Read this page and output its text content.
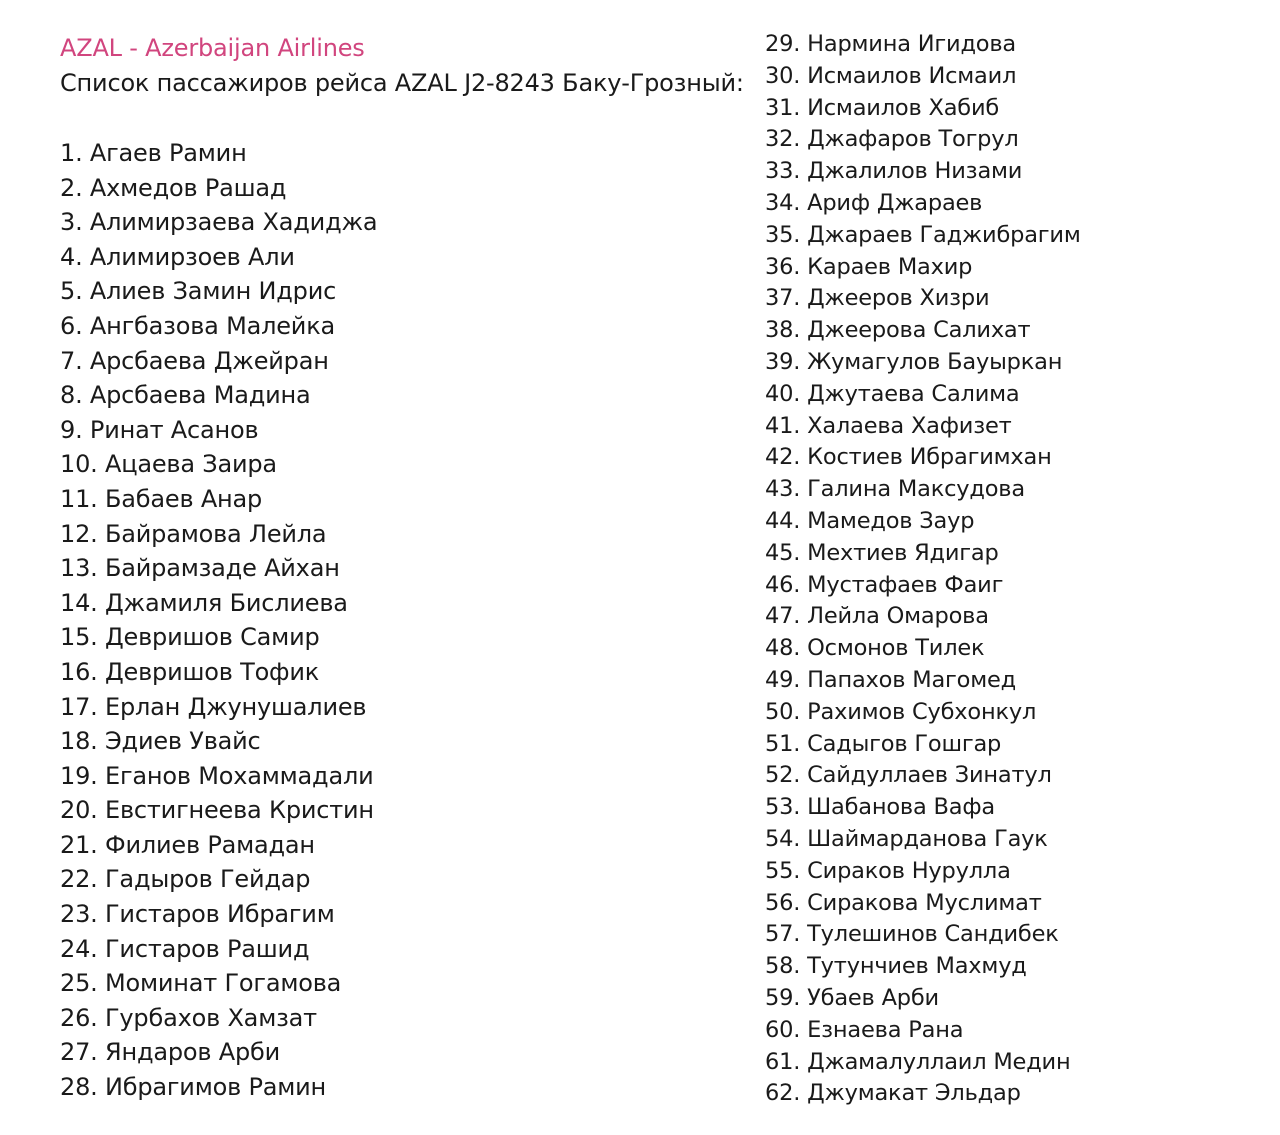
AZAL - Azerbaijan Airlines
Список пассажиров рейса AZAL J2-8243 Баку-Грозный:
1. Агаев Рамин
2. Ахмедов Рашад
3. Алимирзаева Хадиджа
4. Алимирзоев Али
5. Алиев Замин Идрис
6. Ангбазова Малейка
7. Арсбаева Джейран
8. Арсбаева Мадина
9. Ринат Асанов
10. Ацаева Заира
11. Бабаев Анар
12. Байрамова Лейла
13. Байрамзаде Айхан
14. Джамиля Бислиева
15. Девришов Самир
16. Девришов Тофик
17. Ерлан Джунушалиев
18. Эдиев Увайс
19. Еганов Мохаммадали
20. Евстигнеева Кристин
21. Филиев Рамадан
22. Гадыров Гейдар
23. Гистаров Ибрагим
24. Гистаров Рашид
25. Моминат Гогамова
26. Гурбахов Хамзат
27. Яндаров Арби
28. Ибрагимов Рамин
29. Нармина Игидова
30. Исмаилов Исмаил
31. Исмаилов Хабиб
32. Джафаров Тогрул
33. Джалилов Низами
34. Ариф Джараев
35. Джараев Гаджибрагим
36. Караев Махир
37. Джееров Хизри
38. Джеерова Салихат
39. Жумагулов Бауыркан
40. Джутаева Салима
41. Халаева Хафизет
42. Костиев Ибрагимхан
43. Галина Максудова
44. Мамедов Заур
45. Мехтиев Ядигар
46. Мустафаев Фаиг
47. Лейла Омарова
48. Осмонов Тилек
49. Папахов Магомед
50. Рахимов Субхонкул
51. Садыгов Гошгар
52. Сайдуллаев Зинатул
53. Шабанова Вафа
54. Шаймарданова Гаук
55. Сираков Нурулла
56. Сиракова Муслимат
57. Тулешинов Сандибек
58. Тутунчиев Махмуд
59. Убаев Арби
60. Езнаева Рана
61. Джамалуллаил Медин
62. Джумакат Эльдар
